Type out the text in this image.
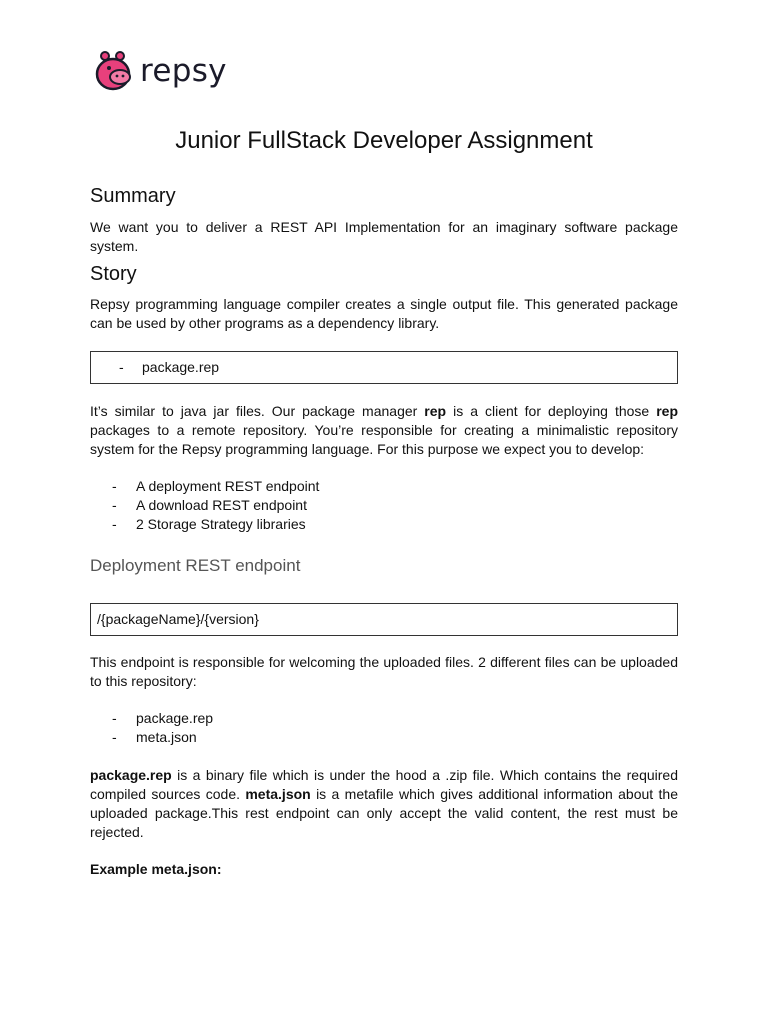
repsy
Junior FullStack Developer Assignment
Summary

We want you to deliver a REST API Implementation for an imaginary software package system.

Story

Repsy programming language compiler creates a single output file. This generated package can be used by other programs as a dependency library.

- package.rep

It’s similar to java jar files. Our package manager rep is a client for deploying those rep packages to a remote repository. You’re responsible for creating a minimalistic repository system for the Repsy programming language. For this purpose we expect you to develop:

- A deployment REST endpoint
- A download REST endpoint
- 2 Storage Strategy libraries
Deployment REST endpoint
/{packageName}/{version}

This endpoint is responsible for welcoming the uploaded files. 2 different files can be uploaded to this repository:

- package.rep
- meta.json

package.rep is a binary file which is under the hood a .zip file. Which contains the required compiled sources code. meta.json is a metafile which gives additional information about the uploaded package.This rest endpoint can only accept the valid content, the rest must be rejected.

Example meta.json:
